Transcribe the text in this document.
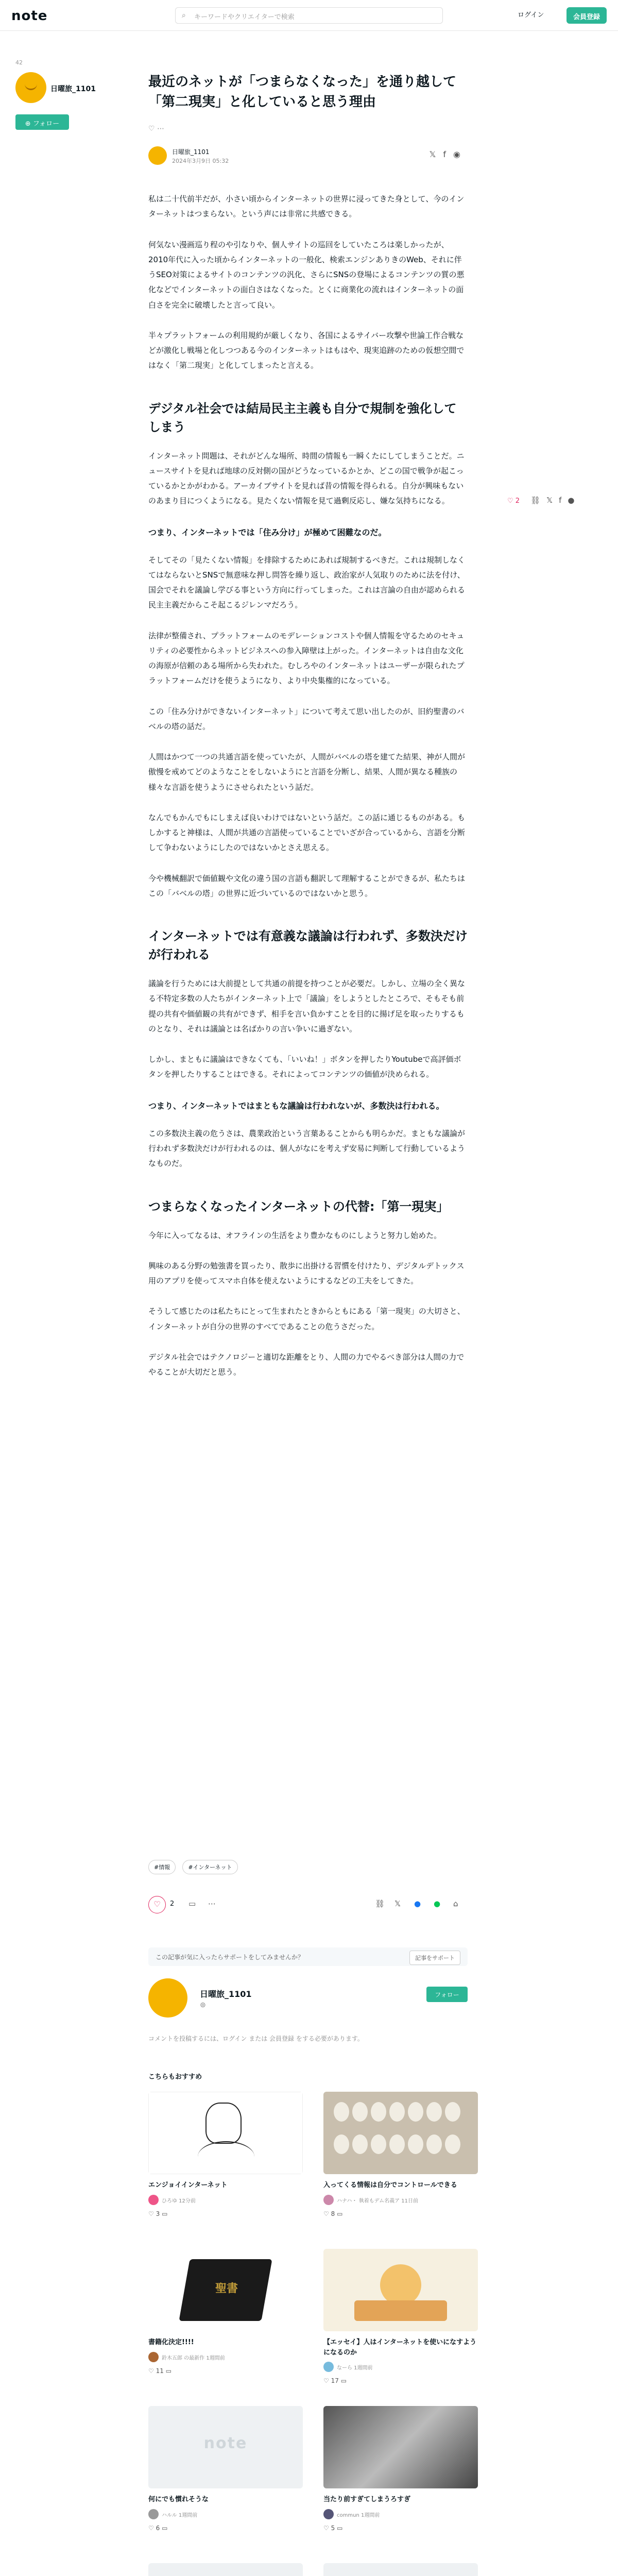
note	⌕ キーワードやクリエイターで検索	ログイン	会員登録
42
日曜旅_1101
⊕ フォロー
最近のネットが「つまらなくなった」を通り越して「第二現実」と化していると思う理由
♡ ⋯
日曜旅_1101
2024年3月9日 05:32
𝕏f◉
♡ 2 ⛓𝕏f●

私は二十代前半だが、小さい頃からインターネットの世界に浸ってきた身として、今のインターネットはつまらない。という声には非常に共感できる。

何気ない漫画巡り程のや引なりや、個人サイトの巡回をしていたころは楽しかったが、2010年代に入った頃からインターネットの一般化、検索エンジンありきのWeb、それに伴うSEO対策によるサイトのコンテンツの汎化、さらにSNSの登場によるコンテンツの質の悪化などでインターネットの面白さはなくなった。とくに商業化の流れはインターネットの面白さを完全に破壊したと言って良い。

半々プラットフォームの利用規約が厳しくなり、各国によるサイバー攻撃や世論工作合戦などが激化し戦場と化しつつある今のインターネットはもはや、現実追跡のための仮想空間ではなく「第二現実」と化してしまったと言える。

デジタル社会では結局民主主義も自分で規制を強化してしまう

インターネット問題は、それがどんな場所、時間の情報も一瞬くたにしてしまうことだ。ニュースサイトを見れば地球の反対側の国がどうなっているかとか、どこの国で戦争が起こっているかとかがわかる。アーカイブサイトを見れば昔の情報を得られる。自分が興味もないのあまり目につくようになる。見たくない情報を見て過剰反応し、嫌な気持ちになる。

つまり、インターネットでは「住み分け」が極めて困難なのだ。

そしてその「見たくない情報」を排除するためにあれば規制するべきだ。これは規制しなくてはならないとSNSで無意味な押し問答を繰り返し、政治家が人気取りのために法を付け、国会でそれを議論し学びる事という方向に行ってしまった。これは言論の自由が認められる民主主義だからこそ起こるジレンマだろう。

法律が整備され、プラットフォームのモデレーションコストや個人情報を守るためのセキュリティの必要性からネットビジネスへの参入障壁は上がった。インターネットは自由な文化の海原が信頼のある場所から失われた。むしろやのインターネットはユーザーが限られたプラットフォームだけを使うようになり、より中央集権的になっている。

この「住み分けができないインターネット」について考えて思い出したのが、旧約聖書のバベルの塔の話だ。

人間はかつて一つの共通言語を使っていたが、人間がバベルの塔を建てた結果、神が人間が傲慢を戒めてどのようなことをしないようにと言語を分断し、結果、人間が異なる種族の様々な言語を使うようにさせられたという話だ。

なんでもかんでもにしまえば良いわけではないという話だ。この話に通じるものがある。もしかすると神様は、人間が共通の言語使っていることでいざが合っているから、言語を分断して争わないようにしたのではないかとさえ思える。

今や機械翻訳で価値観や文化の違う国の言語も翻訳して理解することができるが、私たちはこの「バベルの塔」の世界に近づいているのではないかと思う。

インターネットでは有意義な議論は行われず、多数決だけが行われる

議論を行うためには大前提として共通の前提を持つことが必要だ。しかし、立場の全く異なる不特定多数の人たちがインターネット上で「議論」をしようとしたところで、そもそも前提の共有や価値観の共有ができず、相手を言い負かすことを目的に揚げ足を取ったりするものとなり、それは議論とは名ばかりの言い争いに過ぎない。

しかし、まともに議論はできなくても、「いいね！」ボタンを押したりYoutubeで高評価ボタンを押したりすることはできる。それによってコンテンツの価値が決められる。

つまり、インターネットではまともな議論は行われないが、多数決は行われる。

この多数決主義の危うさは、農業政治という言葉あることからも明らかだ。まともな議論が行われず多数決だけが行われるのは、個人がなにを考えず安易に判断して行動しているようなものだ。

つまらなくなったインターネットの代替:「第一現実」

今年に入ってなるは、オフラインの生活をより豊かなものにしようと努力し始めた。

興味のある分野の勉強書を買ったり、散歩に出掛ける習慣を付けたり、デジタルデトックス用のアプリを使ってスマホ自体を使えないようにするなどの工夫をしてきた。

そうして感じたのは私たちにとって生まれたときからともにある「第一現実」の大切さと、インターネットが自分の世界のすべてであることの危うさだった。

デジタル社会ではテクノロジーと適切な距離をとり、人間の力でやるべき部分は人間の力でやることが大切だと思う。

#情報	#インターネット
♡	2 ▭ ⋯	⛓ 𝕏 ● ● ⌂
この記事が気に入ったらサポートをしてみませんか？	記事をサポート
日曜旅_1101
⊚
フォロー
コメントを投稿するには、ログイン または 会員登録 をする必要があります。
こちらもおすすめ
エンジョイインターネット
ひろゆ 12分前
♡ 3 ▭
入ってくる情報は自分でコントロールできる
ハナハ・ 執着もデム名義ア 11日前
♡ 8 ▭
聖書
書籍化決定!!!!
鈴木五郎 の最新作 1週間前
♡ 11 ▭
【エッセイ】人はインターネットを使いになすようになるのか
なーら 1週間前
♡ 17 ▭
note
何にでも慣れそうな
ハルル 1週間前
♡ 6 ▭
当たり前すぎてしまうろすぎ
commun 1週間前
♡ 5 ▭
